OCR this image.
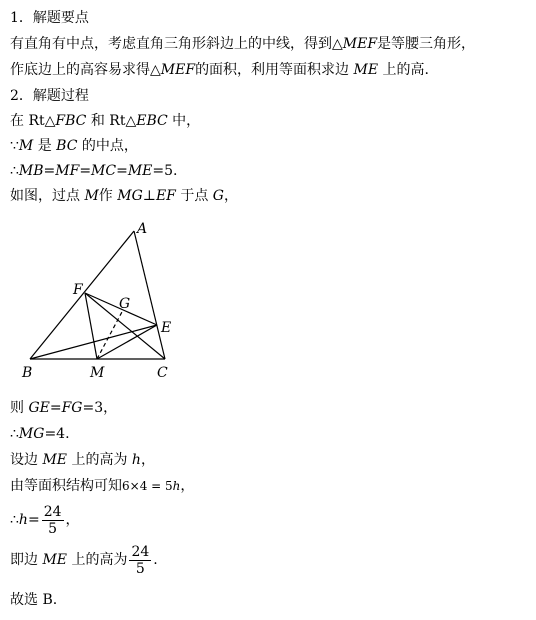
1．解题要点
有直角有中点，考虑直角三角形斜边上的中线，得到△MEF是等腰三角形，
作底边上的高容易求得△MEF的面积，利用等面积求边 ME 上的高.
2．解题过程
在 Rt△FBC 和 Rt△EBC 中，
∵M 是 BC 的中点，
∴MB=MF=MC=ME=5.
如图，过点 M作 MG⊥EF 于点 G，
A
F
G
E
B	M	C
则 GE=FG=3，
∴MG=4.
设边 ME 上的高为 h，
由等面积结构可知6×4 = 5h，
∴h= $\frac{24}{5}$ ，
即边 ME 上的高为 $\frac{24}{5}$ .
故选 B.
